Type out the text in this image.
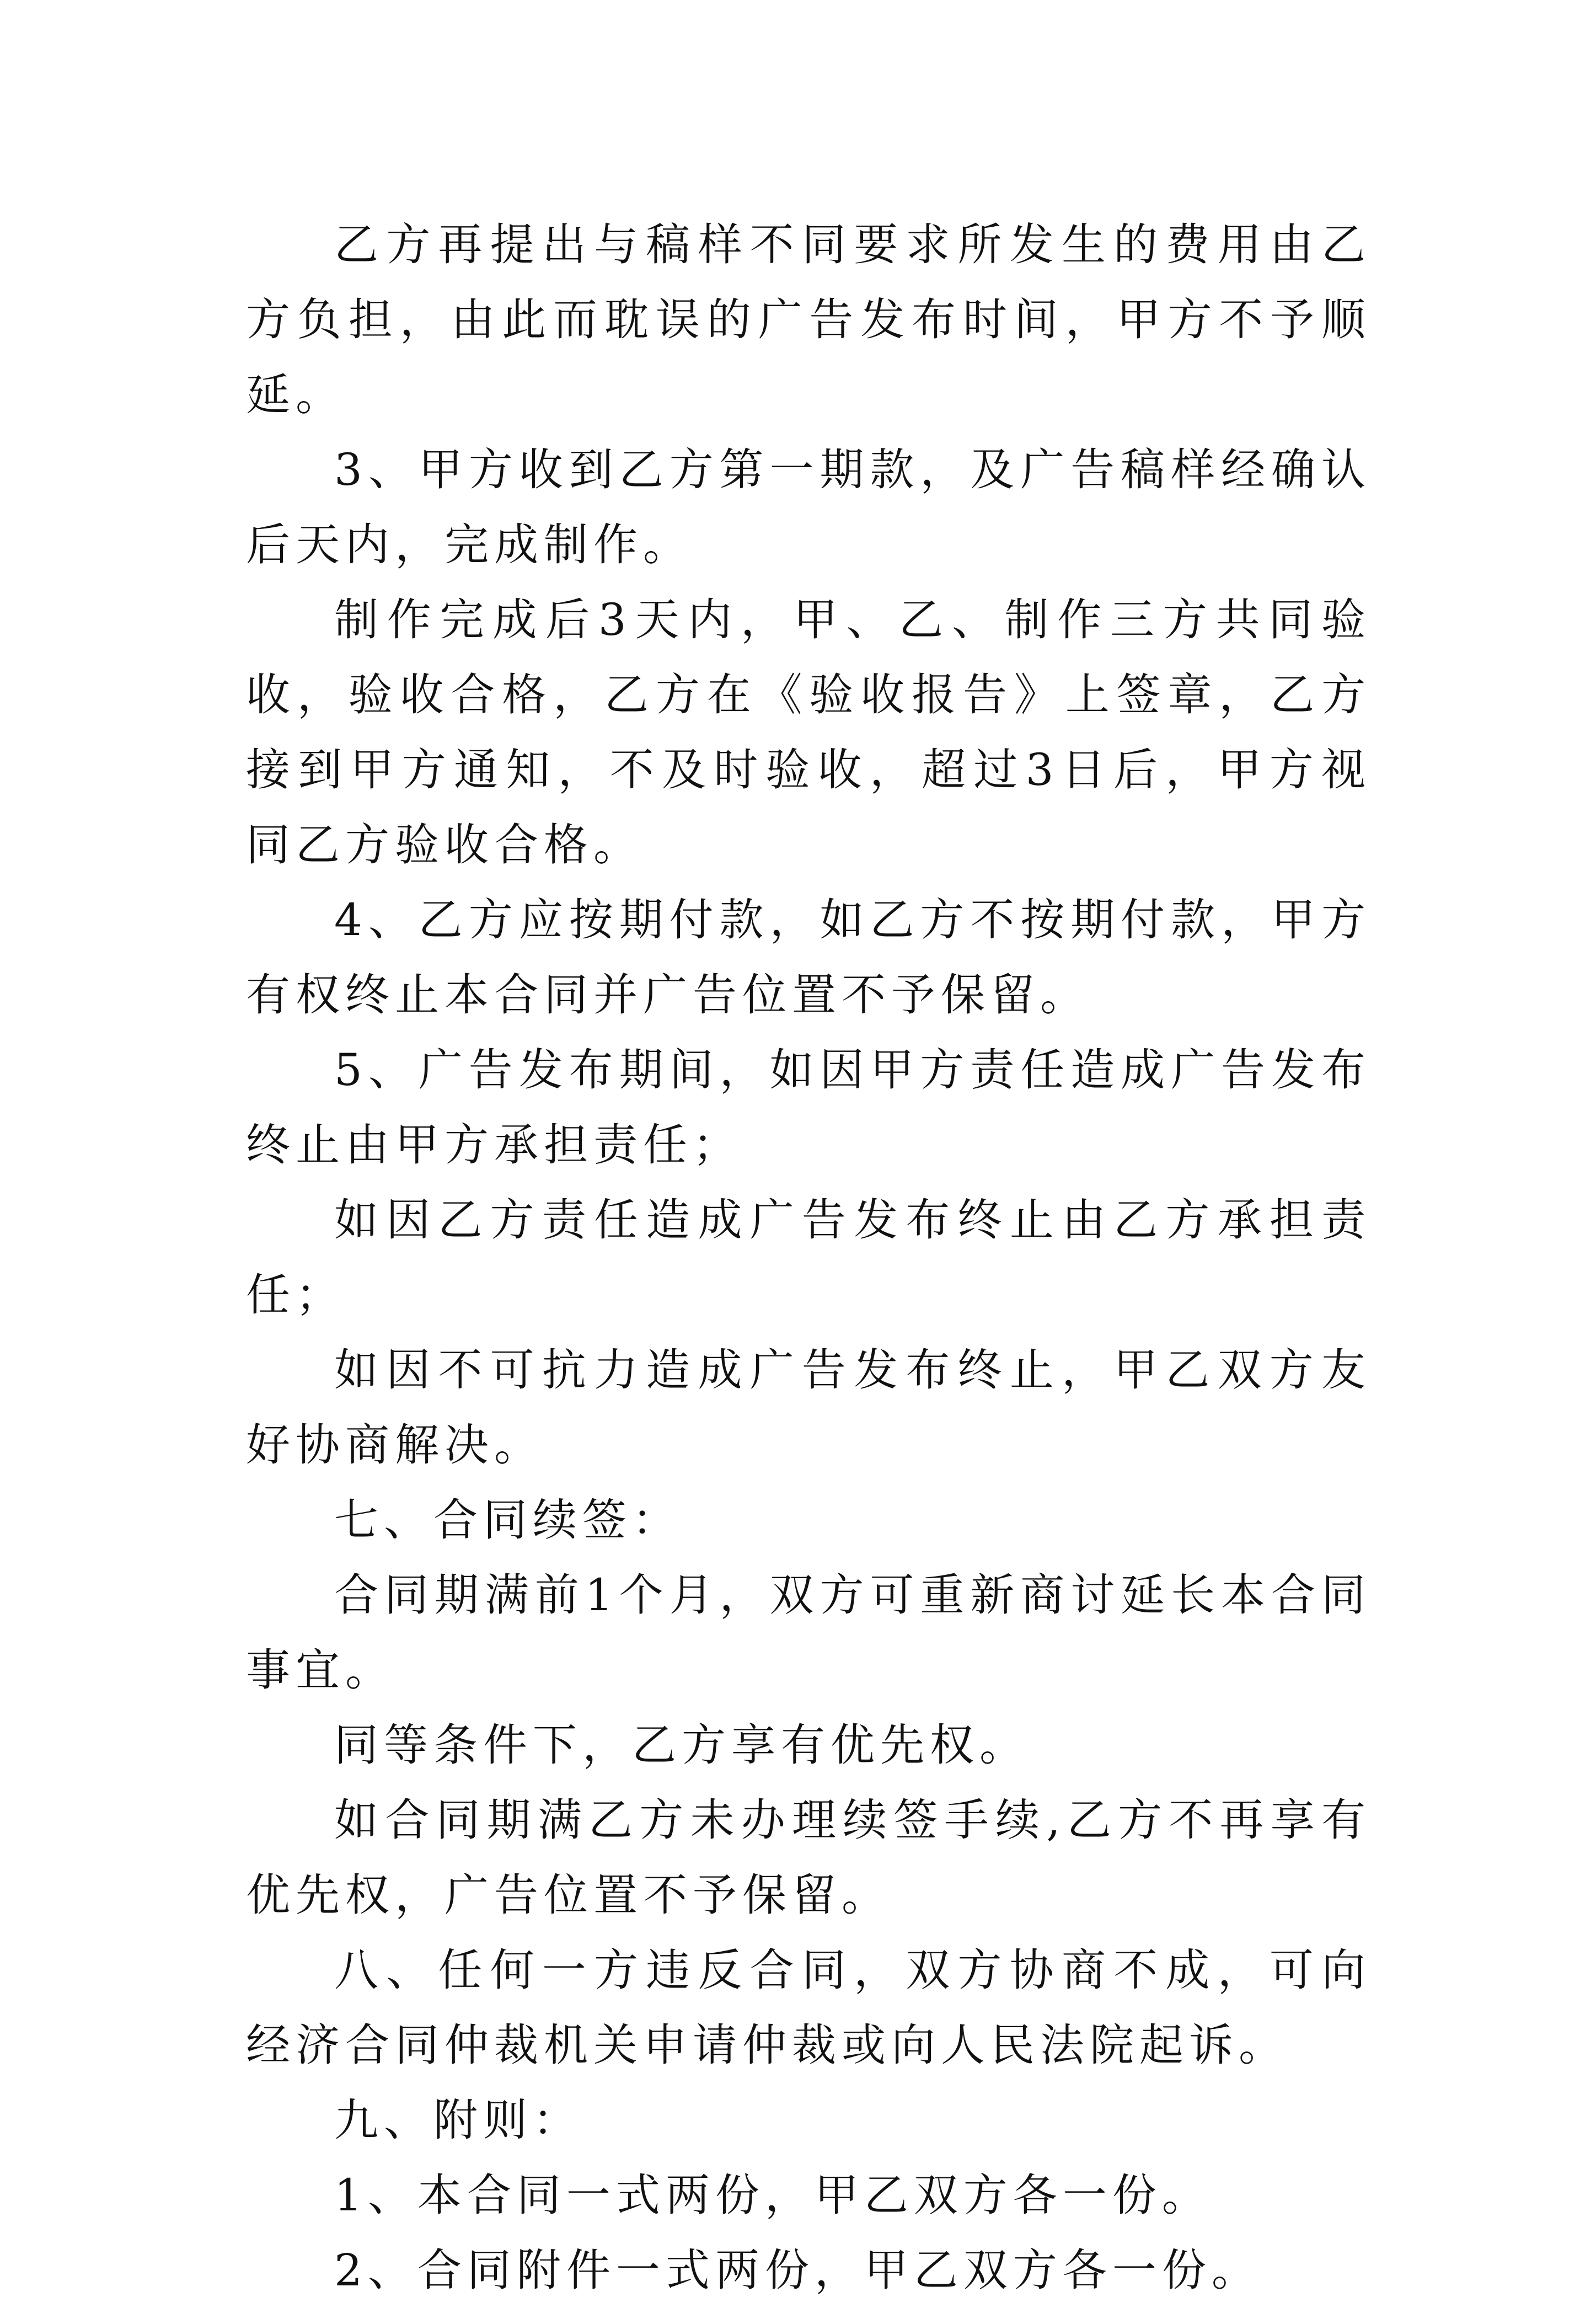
乙方再提出与稿样不同要求所发生的费用由乙方负担，由此而耽误的广告发布时间，甲方不予顺延。

3、甲方收到乙方第一期款，及广告稿样经确认后天内，完成制作。

制作完成后3天内，甲、乙、制作三方共同验收，验收合格，乙方在《验收报告》上签章，乙方接到甲方通知，不及时验收，超过3日后，甲方视同乙方验收合格。

4、乙方应按期付款，如乙方不按期付款，甲方有权终止本合同并广告位置不予保留。

5、广告发布期间，如因甲方责任造成广告发布终止由甲方承担责任；

如因乙方责任造成广告发布终止由乙方承担责任；

如因不可抗力造成广告发布终止，甲乙双方友好协商解决。

七、合同续签：

合同期满前1个月，双方可重新商讨延长本合同事宜。

同等条件下，乙方享有优先权。

如合同期满乙方未办理续签手续,乙方不再享有优先权，广告位置不予保留。

八、任何一方违反合同，双方协商不成，可向经济合同仲裁机关申请仲裁或向人民法院起诉。

九、附则：

1、本合同一式两份，甲乙双方各一份。

2、合同附件一式两份，甲乙双方各一份。
